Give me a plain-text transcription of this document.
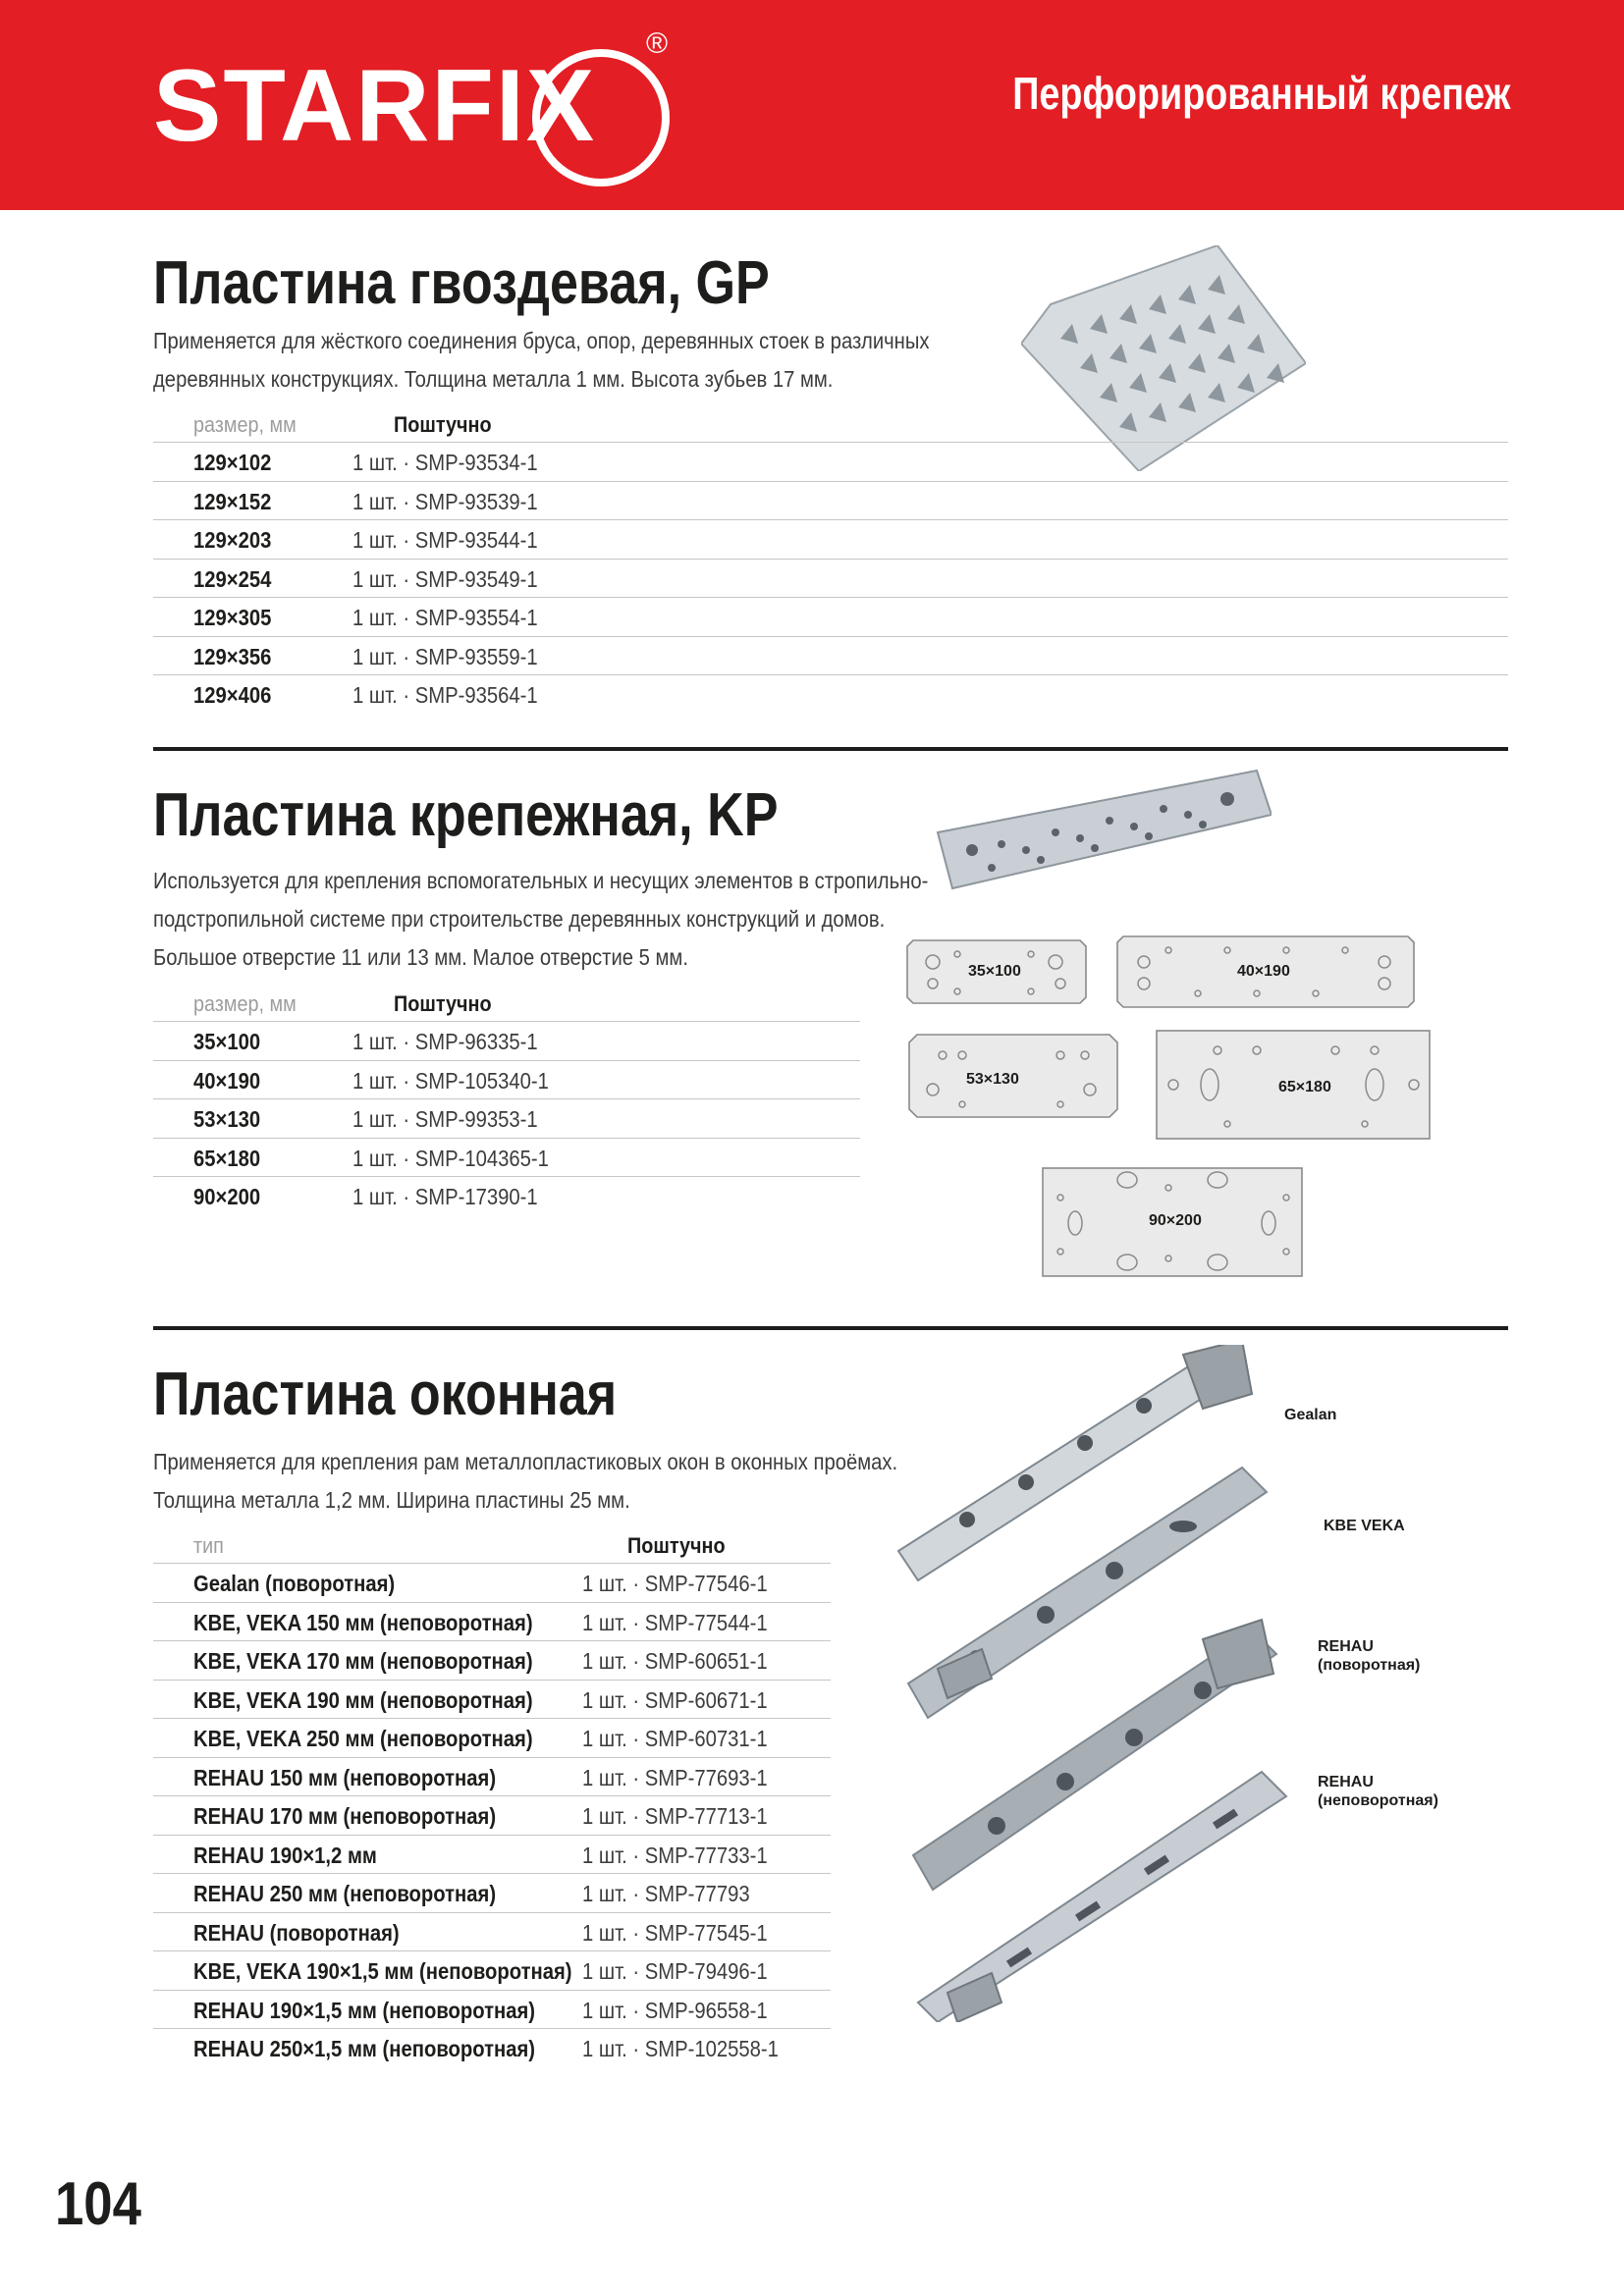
STARFIX
®
Перфорированный крепеж
Пластина гвоздевая, GP
Применяется для жёсткого соединения бруса, опор, деревянных стоек в различных
деревянных конструкциях. Толщина металла 1 мм. Высота зубьев 17 мм.
размер, мм	Поштучно
129×102	1 шт. · SMP-93534-1
129×152	1 шт. · SMP-93539-1
129×203	1 шт. · SMP-93544-1
129×254	1 шт. · SMP-93549-1
129×305	1 шт. · SMP-93554-1
129×356	1 шт. · SMP-93559-1
129×406	1 шт. · SMP-93564-1
Пластина крепежная, KP
Используется для крепления вспомогательных и несущих элементов в стропильно-
подстропильной системе при строительстве деревянных конструкций и домов.
Большое отверстие 11 или 13 мм. Малое отверстие 5 мм.
35×100	40×190
53×130	65×180
90×200
размер, мм	Поштучно
35×100	1 шт. · SMP-96335-1
40×190	1 шт. · SMP-105340-1
53×130	1 шт. · SMP-99353-1
65×180	1 шт. · SMP-104365-1
90×200	1 шт. · SMP-17390-1
Пластина оконная
Применяется для крепления рам металлопластиковых окон в оконных проёмах.
Толщина металла 1,2 мм. Ширина пластины 25 мм.
Gealan
KBE VEKA
REHAU
(поворотная)
REHAU
(неповоротная)
тип	Поштучно
Gealan (поворотная)	1 шт. · SMP-77546-1
KBE, VEKA 150 мм (неповоротная) 1 шт. · SMP-77544-1
KBE, VEKA 170 мм (неповоротная) 1 шт. · SMP-60651-1
KBE, VEKA 190 мм (неповоротная) 1 шт. · SMP-60671-1
KBE, VEKA 250 мм (неповоротная) 1 шт. · SMP-60731-1
REHAU 150 мм (неповоротная)	1 шт. · SMP-77693-1
REHAU 170 мм (неповоротная)	1 шт. · SMP-77713-1
REHAU 190×1,2 мм	1 шт. · SMP-77733-1
REHAU 250 мм (неповоротная)	1 шт. · SMP-77793
REHAU (поворотная)	1 шт. · SMP-77545-1
KBE, VEKA 190×1,5 мм (неповоротная) 1 шт. · SMP-79496-1
REHAU 190×1,5 мм (неповоротная) 1 шт. · SMP-96558-1
REHAU 250×1,5 мм (неповоротная) 1 шт. · SMP-102558-1
104
